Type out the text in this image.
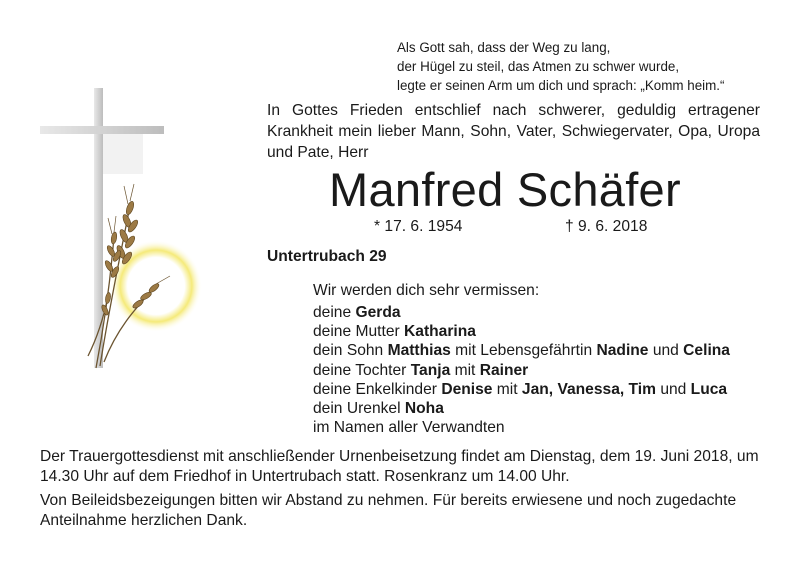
Als Gott sah, dass der Weg zu lang,
der Hügel zu steil, das Atmen zu schwer wurde,
legte er seinen Arm um dich und sprach: „Komm heim.“
In Gottes Frieden entschlief nach schwerer, geduldig ertragener Krankheit mein lieber Mann, Sohn, Vater, Schwiegervater, Opa, Uropa und Pate, Herr
Manfred Schäfer
* 17. 6. 1954	† 9. 6. 2018
Untertrubach 29
Wir werden dich sehr vermissen:
deine Gerda
deine Mutter Katharina
dein Sohn Matthias mit Lebensgefährtin Nadine und Celina
deine Tochter Tanja mit Rainer
deine Enkelkinder Denise mit Jan, Vanessa, Tim und Luca
dein Urenkel Noha
im Namen aller Verwandten
Der Trauergottesdienst mit anschließender Urnenbeisetzung findet am Dienstag, dem 19. Juni 2018, um 14.30 Uhr auf dem Friedhof in Untertrubach statt. Rosenkranz um 14.00 Uhr.
Von Beileidsbezeigungen bitten wir Abstand zu nehmen. Für bereits erwiesene und noch zugedachte Anteilnahme herzlichen Dank.
